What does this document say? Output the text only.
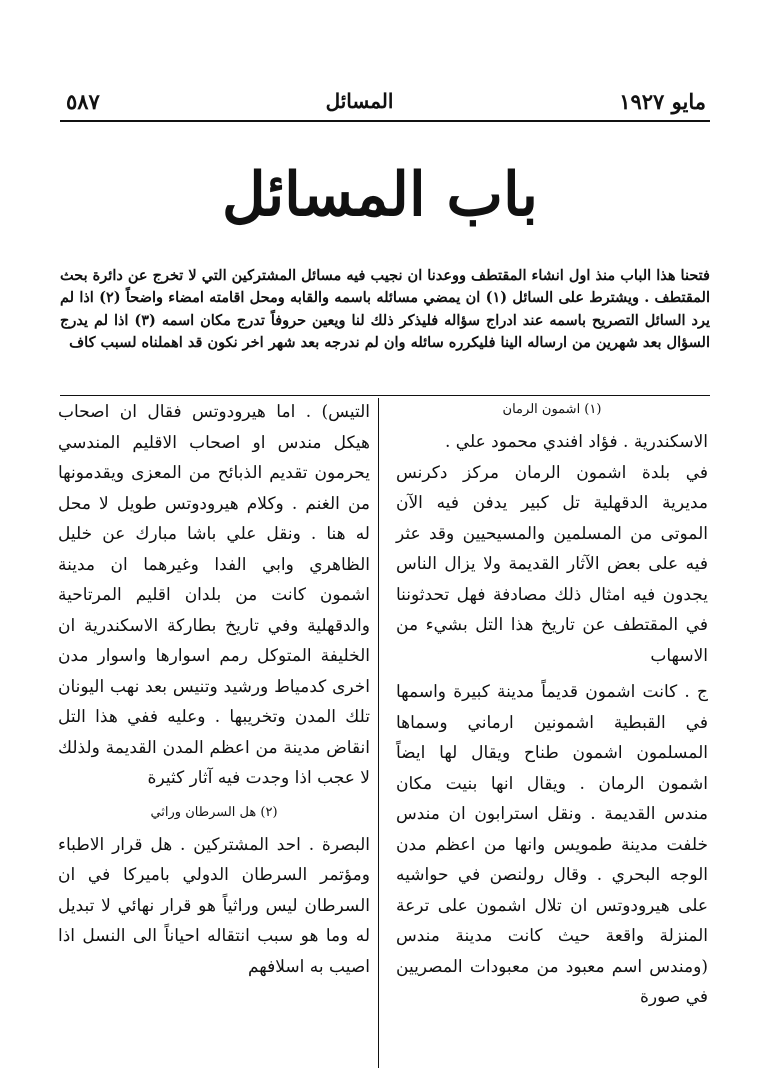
مايو ١٩٢٧
المسائل
٥٨٧
باب المسائل

فتحنا هذا الباب منذ اول انشاء المقتطف ووعدنا ان نجيب فيه مسائل المشتركين التي لا تخرج عن دائرة بحث المقتطف . ويشترط على السائل (١) ان يمضي مسائله باسمه والقابه ومحل اقامته امضاء واضحاً (٢) اذا لم يرد السائل التصريح باسمه عند ادراج سؤاله فليذكر ذلك لنا ويعين حروفاً تدرج مكان اسمه (٣) اذا لم يدرج السؤال بعد شهرين من ارساله الينا فليكرره سائله وان لم ندرجه بعد شهر اخر نكون قد اهملناه لسبب كاف

(١) اشمون الرمان

الاسكندرية . فؤاد افندي محمود علي .

في بلدة اشمون الرمان مركز دكرنس مديرية الدقهلية تل كبير يدفن فيه الآن الموتى من المسلمين والمسيحيين وقد عثر فيه على بعض الآثار القديمة ولا يزال الناس يجدون فيه امثال ذلك مصادفة فهل تحدثوننا في المقتطف عن تاريخ هذا التل بشيء من الاسهاب

ج . كانت اشمون قديماً مدينة كبيرة واسمها في القبطية اشمونين ارماني وسماها المسلمون اشمون طناح ويقال لها ايضاً اشمون الرمان . ويقال انها بنيت مكان مندس القديمة . ونقل استرابون ان مندس خلفت مدينة طمويس وانها من اعظم مدن الوجه البحري . وقال رولنصن في حواشيه على هيرودوتس ان تلال اشمون على ترعة المنزلة واقعة حيث كانت مدينة مندس (ومندس اسم معبود من معبودات المصريين في صورة

التيس) . اما هيرودوتس فقال ان اصحاب هيكل مندس او اصحاب الاقليم المندسي يحرمون تقديم الذبائح من المعزى ويقدمونها من الغنم . وكلام هيرودوتس طويل لا محل له هنا . ونقل علي باشا مبارك عن خليل الظاهري وابي الفدا وغيرهما ان مدينة اشمون كانت من بلدان اقليم المرتاحية والدقهلية وفي تاريخ بطاركة الاسكندرية ان الخليفة المتوكل رمم اسوارها واسوار مدن اخرى كدمياط ورشيد وتنيس بعد نهب اليونان تلك المدن وتخريبها . وعليه ففي هذا التل انقاض مدينة من اعظم المدن القديمة ولذلك لا عجب اذا وجدت فيه آثار كثيرة

(٢) هل السرطان وراثي

البصرة . احد المشتركين . هل قرار الاطباء ومؤتمر السرطان الدولي باميركا في ان السرطان ليس وراثياً هو قرار نهائي لا تبديل له وما هو سبب انتقاله احياناً الى النسل اذا اصيب به اسلافهم
